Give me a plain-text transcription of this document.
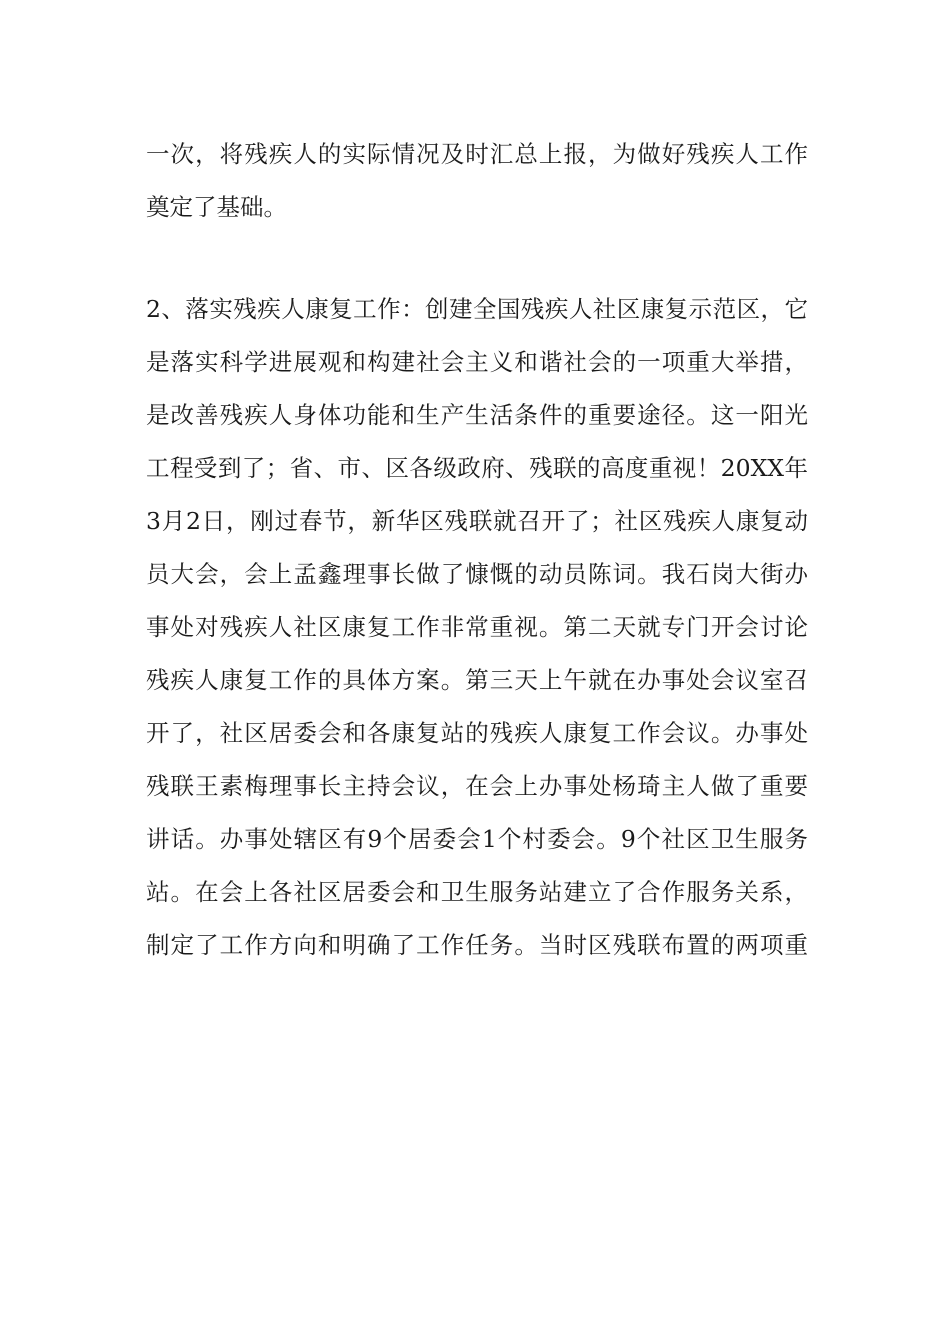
一次，将残疾人的实际情况及时汇总上报，为做好残疾人工作
奠定了基础。
2、落实残疾人康复工作：创建全国残疾人社区康复示范区，它
是落实科学进展观和构建社会主义和谐社会的一项重大举措，
是改善残疾人身体功能和生产生活条件的重要途径。这一阳光
工程受到了；省、市、区各级政府、残联的高度重视！20XX年
3月2日，刚过春节，新华区残联就召开了；社区残疾人康复动
员大会，会上孟鑫理事长做了慷慨的动员陈词。我石岗大街办
事处对残疾人社区康复工作非常重视。第二天就专门开会讨论
残疾人康复工作的具体方案。第三天上午就在办事处会议室召
开了，社区居委会和各康复站的残疾人康复工作会议。办事处
残联王素梅理事长主持会议，在会上办事处杨琦主人做了重要
讲话。办事处辖区有9个居委会1个村委会。9个社区卫生服务
站。在会上各社区居委会和卫生服务站建立了合作服务关系，
制定了工作方向和明确了工作任务。当时区残联布置的两项重
